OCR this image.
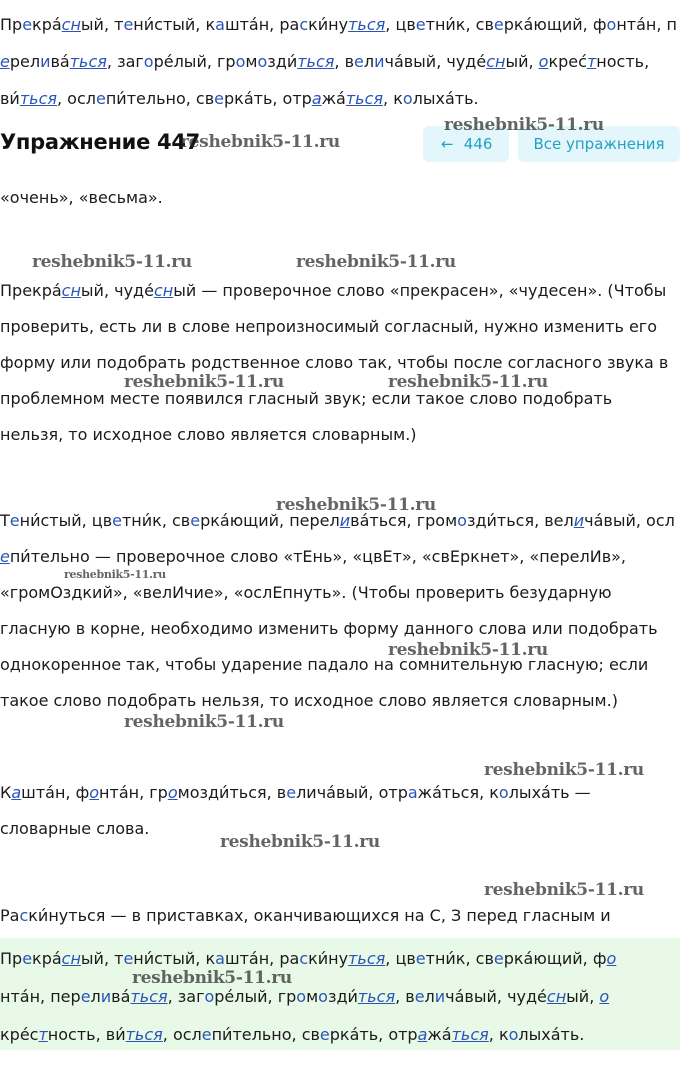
Прекра́сный, тени́стый, кашта́н, раски́нуться, цветни́к, сверка́ющий, фонта́н, п
ерелива́ться, загоре́лый, громозди́ться, велича́вый, чуде́сный, окрес́тность,
ви́ться, ослепи́тельно, сверка́ть, отража́ться, колыха́ть.
Упражнение 447	← 446	Все упражнения
«очень», «весьма».
Прекра́сный, чуде́сный — проверочное слово «прекрасен», «чудесен». (Чтобы
проверить, есть ли в слове непроизносимый согласный, нужно изменить его
форму или подобрать родственное слово так, чтобы после согласного звука в
проблемном месте появился гласный звук; если такое слово подобрать
нельзя, то исходное слово является словарным.)
Тени́стый, цветни́к, сверка́ющий, перелива́ться, громозди́ться, велича́вый, осл
епи́тельно — проверочное слово «тЕнь», «цвЕт», «свЕркнет», «перелИв»,
«громОздкий», «велИчие», «ослЕпнуть». (Чтобы проверить безударную
гласную в корне, необходимо изменить форму данного слова или подобрать
однокоренное так, чтобы ударение падало на сомнительную гласную; если
такое слово подобрать нельзя, то исходное слово является словарным.)
Кашта́н, фонта́н, громозди́ться, велича́вый, отража́ться, колыха́ть —
словарные слова.
Раски́нуться — в приставках, оканчивающихся на С, З перед гласным и
Прекра́сный, тени́стый, кашта́н, раски́нуться, цветни́к, сверка́ющий, фо
нта́н, перелива́ться, загоре́лый, громозди́ться, велича́вый, чуде́сный, о
кре́стность, ви́ться, ослепи́тельно, сверка́ть, отража́ться, колыха́ть.
reshebnik5-11.ru
reshebnik5-11.ru
reshebnik5-11.ru	reshebnik5-11.ru
reshebnik5-11.ru	reshebnik5-11.ru
reshebnik5-11.ru
reshebnik5-11.ru
reshebnik5-11.ru
reshebnik5-11.ru
reshebnik5-11.ru
reshebnik5-11.ru
reshebnik5-11.ru
reshebnik5-11.ru
